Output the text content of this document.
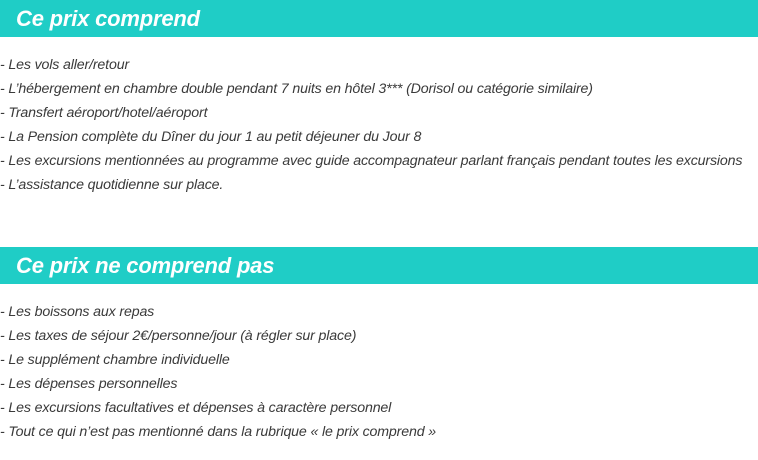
Ce prix comprend
- Les vols aller/retour
- L’hébergement en chambre double pendant 7 nuits en hôtel 3*** (Dorisol ou catégorie similaire)
- Transfert aéroport/hotel/aéroport
- La Pension complète du Dîner du jour 1 au petit déjeuner du Jour 8
- Les excursions mentionnées au programme avec guide accompagnateur parlant français pendant toutes les excursions
- L’assistance quotidienne sur place.
Ce prix ne comprend pas
- Les boissons aux repas
- Les taxes de séjour 2€/personne/jour (à régler sur place)
- Le supplément chambre individuelle
- Les dépenses personnelles
- Les excursions facultatives et dépenses à caractère personnel
- Tout ce qui n’est pas mentionné dans la rubrique « le prix comprend »
